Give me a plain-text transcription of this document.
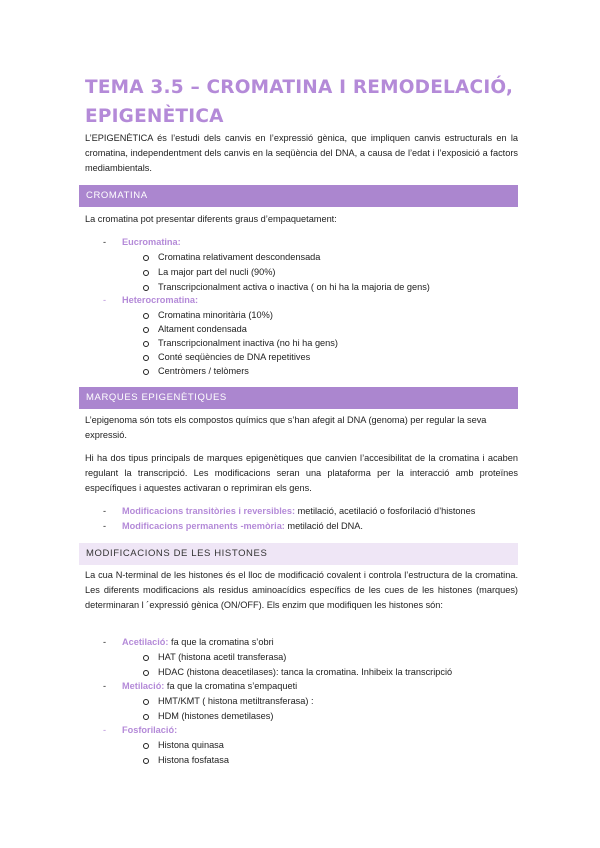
TEMA 3.5 – CROMATINA I REMODELACIÓ, EPIGENÈTICA
L’EPIGENÈTICA és l’estudi dels canvis en l’expressió gènica, que impliquen canvis estructurals en la cromatina, independentment dels canvis en la seqüència del DNA, a causa de l’edat i l’exposició a factors mediambientals.
CROMATINA
La cromatina pot presentar diferents graus d’empaquetament:
- Eucromatina:
Cromatina relativament descondensada
La major part del nucli (90%)
Transcripcionalment activa o inactiva ( on hi ha la majoria de gens)
- Heterocromatina:
Cromatina minoritària (10%)
Altament condensada
Transcripcionalment inactiva (no hi ha gens)
Conté seqüències de DNA repetitives
Centròmers / telòmers
MARQUES EPIGENÈTIQUES
L’epigenoma són tots els compostos químics que s’han afegit al DNA (genoma) per regular la seva expressió.
Hi ha dos tipus principals de marques epigenètiques que canvien l’accesibilitat de la cromatina i acaben regulant la transcripció. Les modificacions seran una plataforma per la interacció amb proteïnes específiques i aquestes activaran o reprimiran els gens.
- Modificacions transitòries i reversibles: metilació, acetilació o fosforilació d’histones
- Modificacions permanents -memòria: metilació del DNA.
MODIFICACIONS DE LES HISTONES
La cua N-terminal de les histones és el lloc de modificació covalent i controla l’estructura de la cromatina. Les diferents modificacions als residus aminoacídics específics de les cues de les histones (marques) determinaran l ´expressió gènica (ON/OFF). Els enzim que modifiquen les histones són:
- Acetilació: fa que la cromatina s’obri
HAT (histona acetil transferasa)
HDAC (histona deacetilases): tanca la cromatina. Inhibeix la transcripció
- Metilació: fa que la cromatina s’empaqueti
HMT/KMT ( histona metiltransferasa) :
HDM (histones demetilases)
- Fosforilació:
Histona quinasa
Histona fosfatasa
